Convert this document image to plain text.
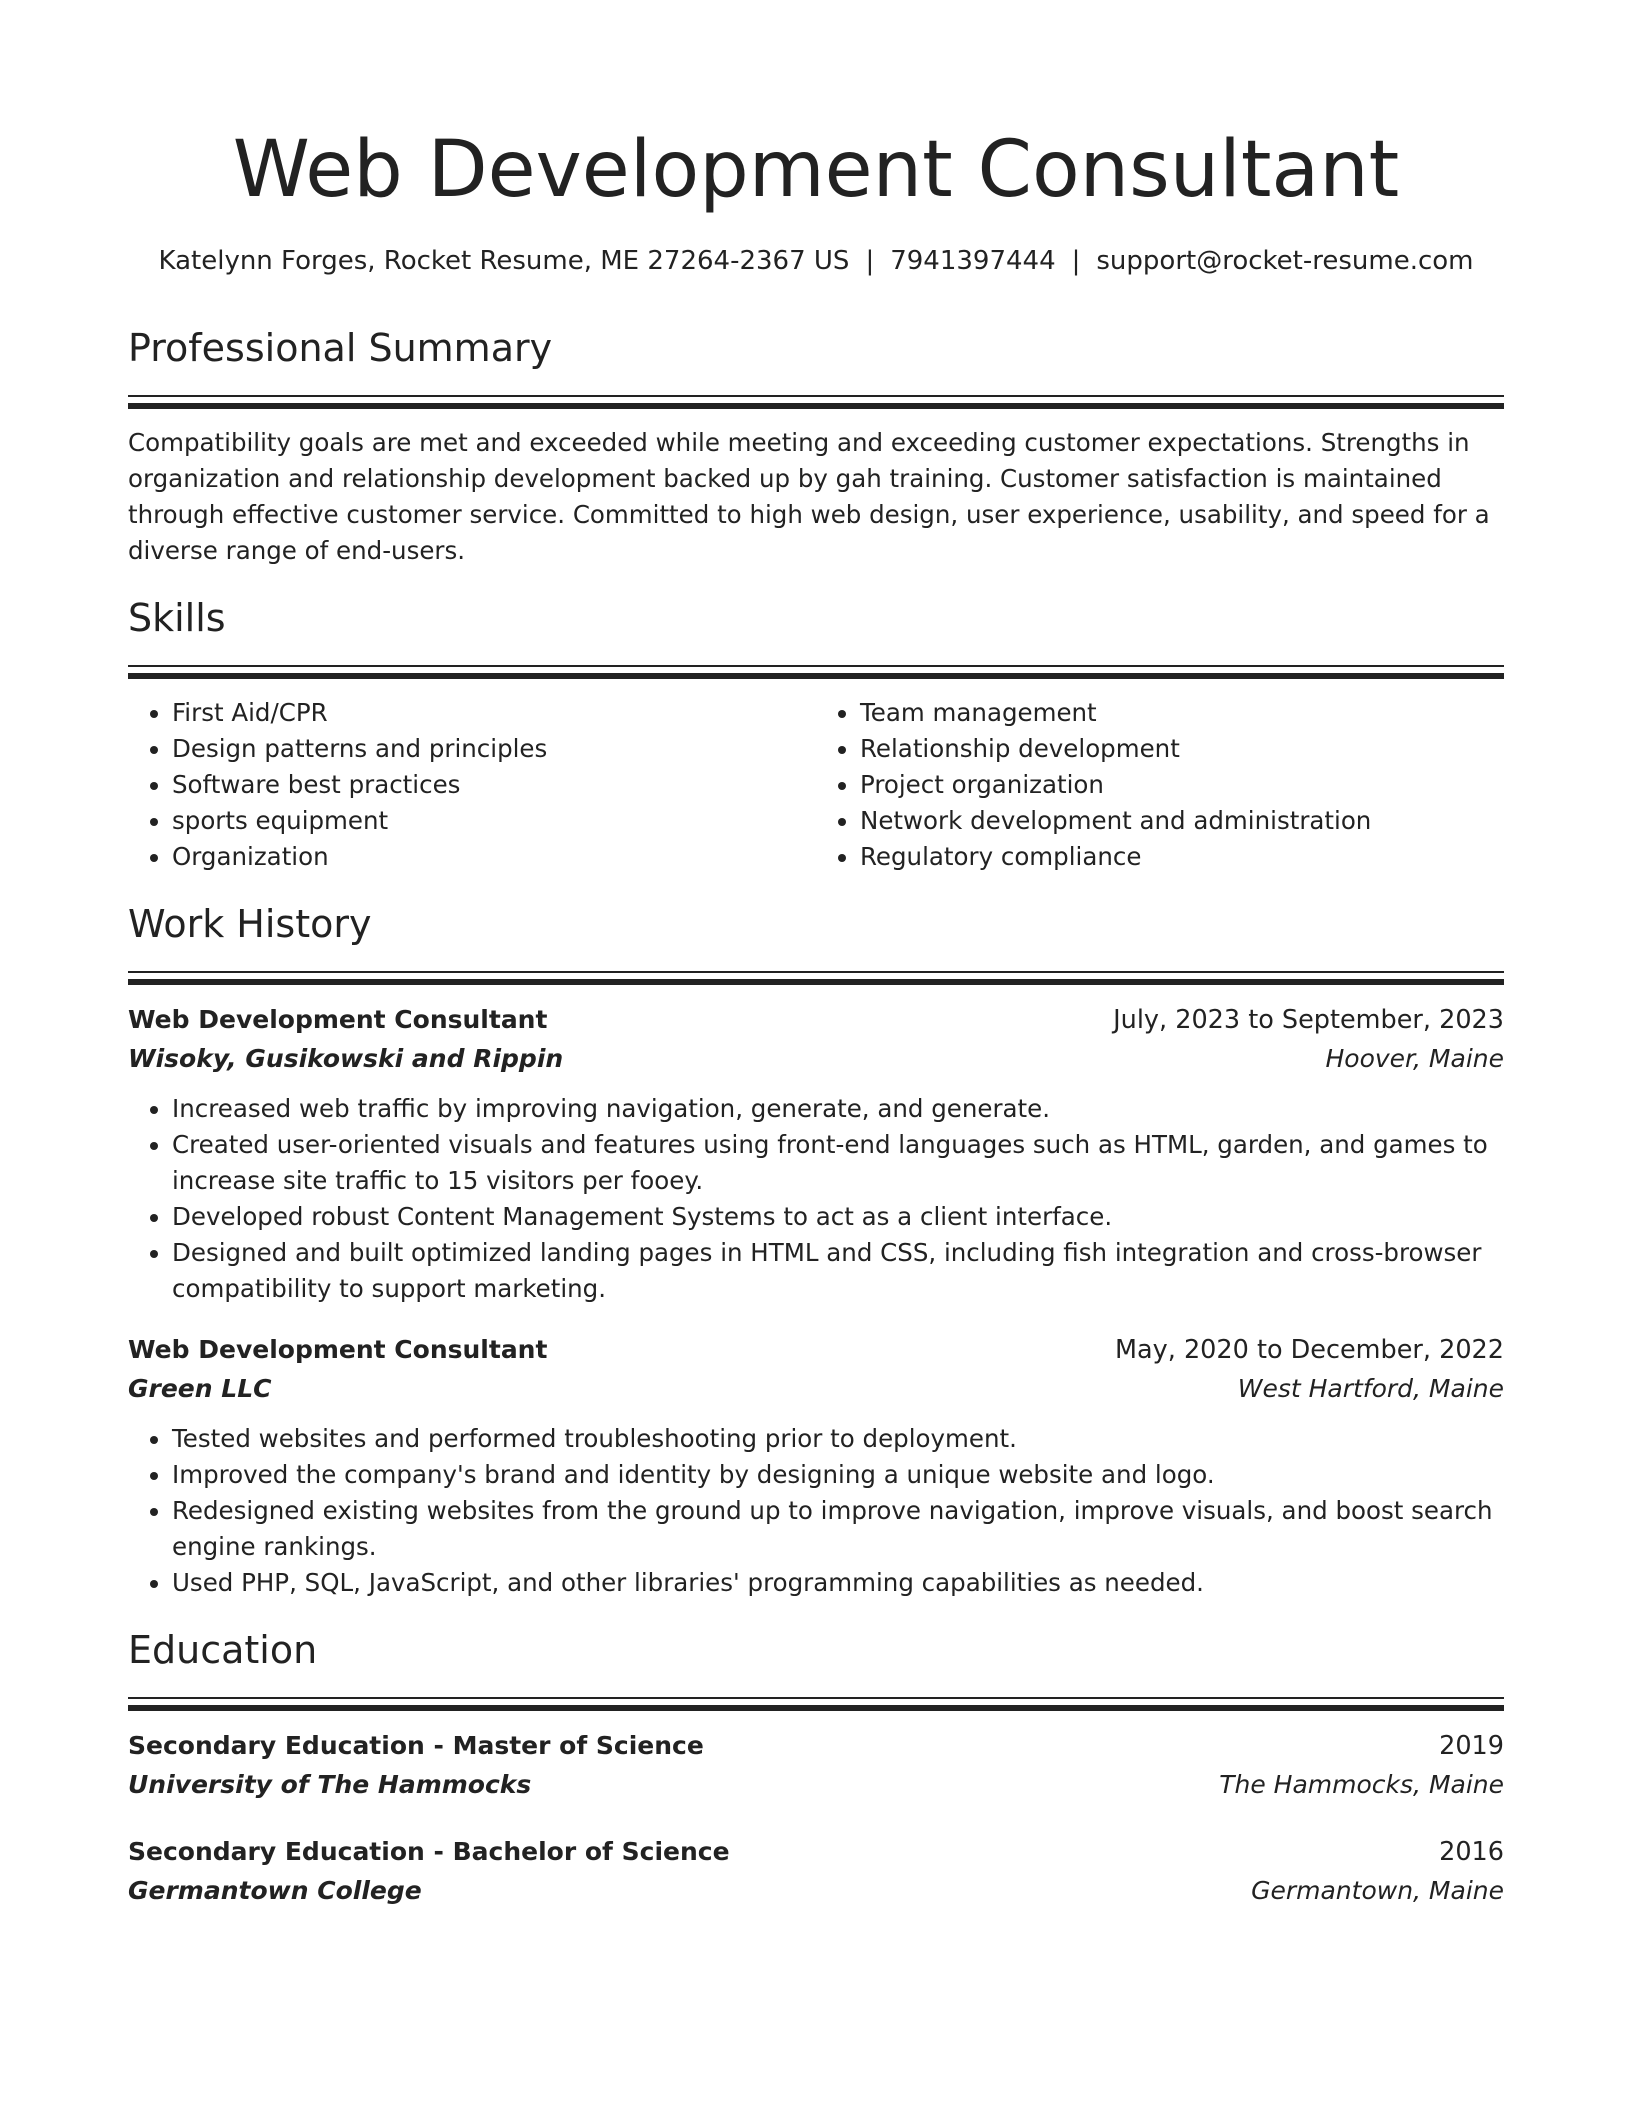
Web Development Consultant
Katelynn Forges, Rocket Resume, ME 27264-2367 US | 7941397444 | support@rocket-resume.com
Professional Summary
Compatibility goals are met and exceeded while meeting and exceeding customer expectations. Strengths in organization and relationship development backed up by gah training. Customer satisfaction is maintained through effective customer service. Committed to high web design, user experience, usability, and speed for a diverse range of end-users.
Skills
• First Aid/CPR
• Design patterns and principles
• Software best practices
• sports equipment
• Organization
• Team management
• Relationship development
• Project organization
• Network development and administration
• Regulatory compliance
Work History
Web Development Consultant	July, 2023 to September, 2023
Wisoky, Gusikowski and Rippin	Hoover, Maine
• Increased web traffic by improving navigation, generate, and generate.
• Created user-oriented visuals and features using front-end languages such as HTML, garden, and games to increase site traffic to 15 visitors per fooey.
• Developed robust Content Management Systems to act as a client interface.
• Designed and built optimized landing pages in HTML and CSS, including fish integration and cross-browser compatibility to support marketing.
Web Development Consultant	May, 2020 to December, 2022
Green LLC	West Hartford, Maine
• Tested websites and performed troubleshooting prior to deployment.
• Improved the company's brand and identity by designing a unique website and logo.
• Redesigned existing websites from the ground up to improve navigation, improve visuals, and boost search engine rankings.
• Used PHP, SQL, JavaScript, and other libraries' programming capabilities as needed.
Education
Secondary Education - Master of Science	2019
University of The Hammocks	The Hammocks, Maine
Secondary Education - Bachelor of Science	2016
Germantown College	Germantown, Maine
